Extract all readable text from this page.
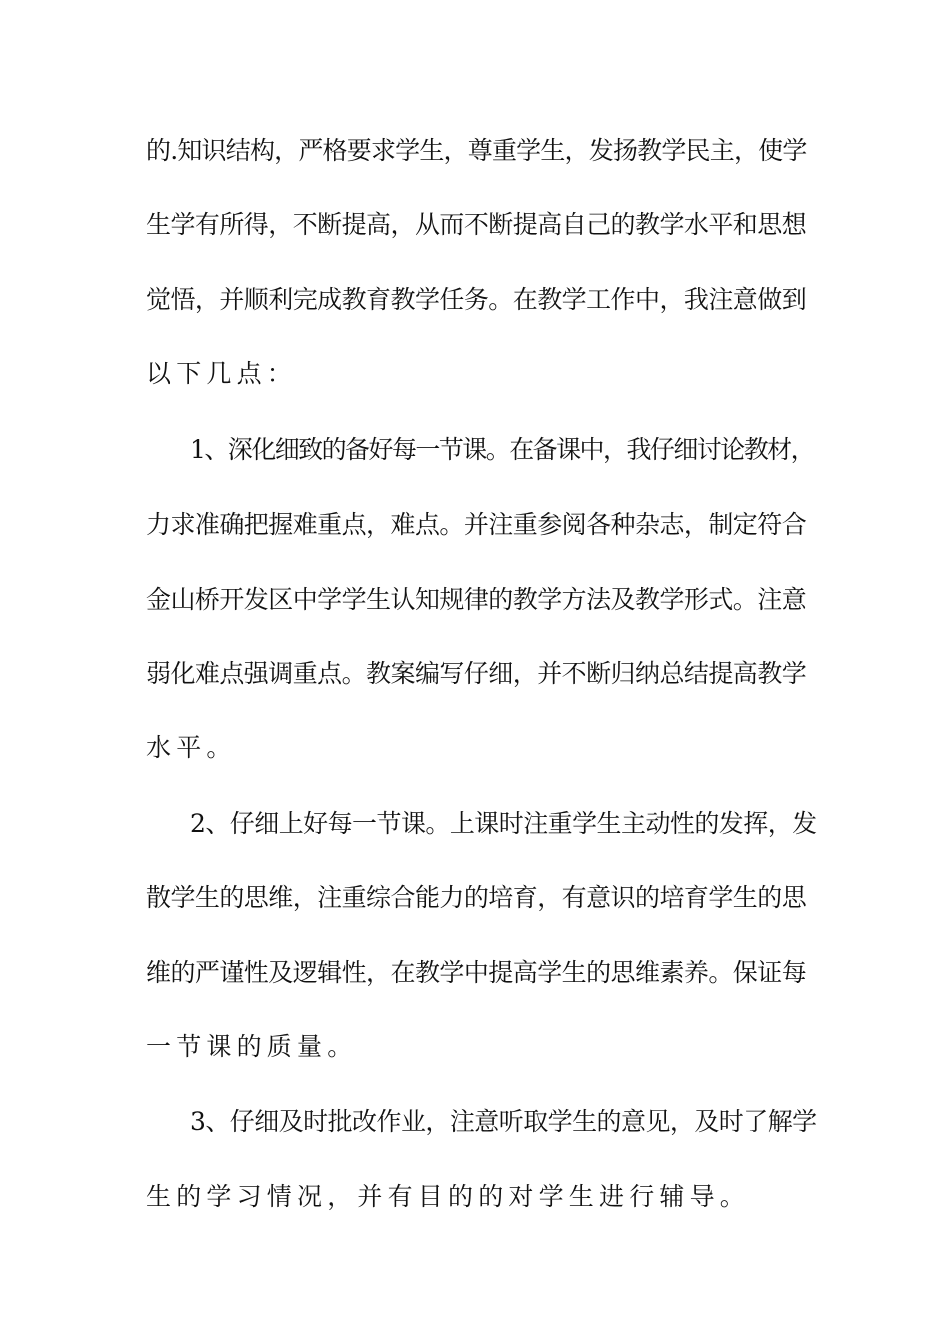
的.知识结构，严格要求学生，尊重学生，发扬教学民主，使学
生学有所得，不断提高，从而不断提高自己的教学水平和思想
觉悟，并顺利完成教育教学任务。在教学工作中，我注意做到
以下几点：
1、深化细致的备好每一节课。在备课中，我仔细讨论教材，
力求准确把握难重点，难点。并注重参阅各种杂志，制定符合
金山桥开发区中学学生认知规律的教学方法及教学形式。注意
弱化难点强调重点。教案编写仔细，并不断归纳总结提高教学
水平。
2、仔细上好每一节课。上课时注重学生主动性的发挥，发
散学生的思维，注重综合能力的培育，有意识的培育学生的思
维的严谨性及逻辑性，在教学中提高学生的思维素养。保证每
一节课的质量。
3、仔细及时批改作业，注意听取学生的意见，及时了解学
生的学习情况，并有目的的对学生进行辅导。
